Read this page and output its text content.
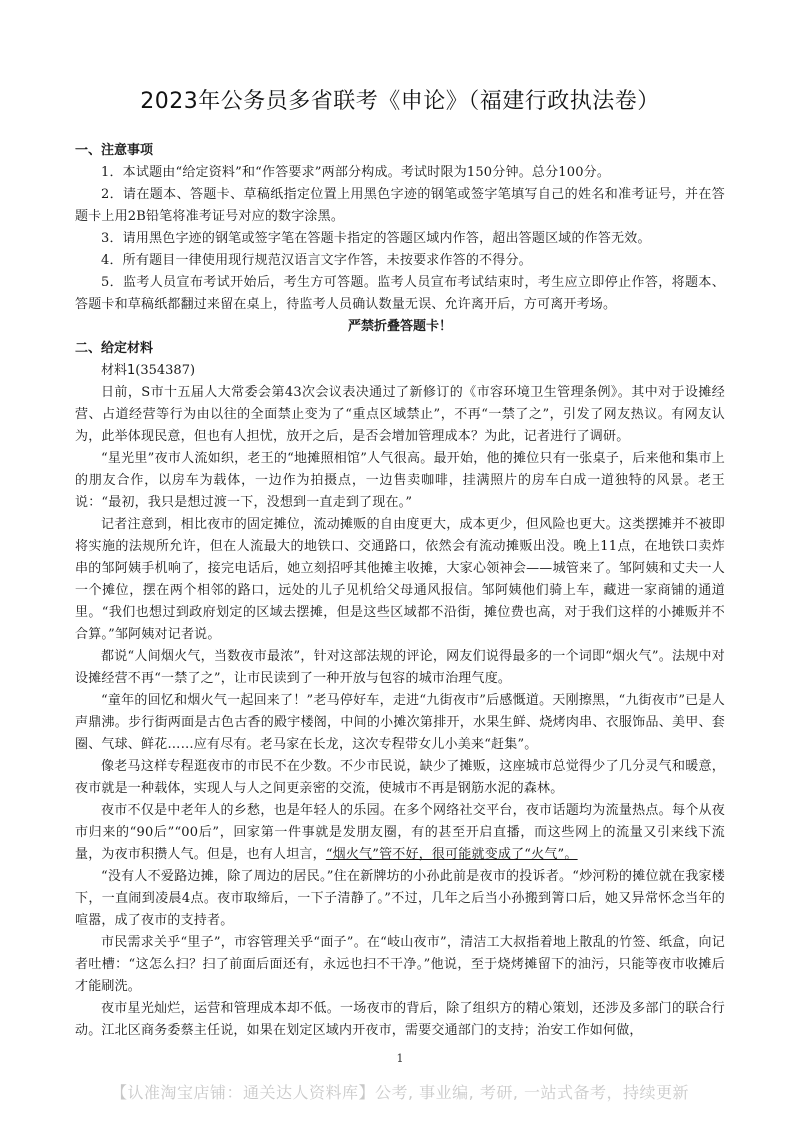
2023年公务员多省联考《申论》（福建行政执法卷）

一、注意事项

1．本试题由“给定资料”和“作答要求”两部分构成。考试时限为150分钟。总分100分。

2．请在题本、答题卡、草稿纸指定位置上用黑色字迹的钢笔或签字笔填写自己的姓名和准考证号，并在答题卡上用2B铅笔将准考证号对应的数字涂黑。

3．请用黑色字迹的钢笔或签字笔在答题卡指定的答题区域内作答，超出答题区域的作答无效。

4．所有题目一律使用现行规范汉语言文字作答，未按要求作答的不得分。

5．监考人员宣布考试开始后，考生方可答题。监考人员宣布考试结束时，考生应立即停止作答，将题本、答题卡和草稿纸都翻过来留在桌上，待监考人员确认数量无误、允许离开后，方可离开考场。

严禁折叠答题卡！

二、给定材料

材料1(354387)

日前，S市十五届人大常委会第43次会议表决通过了新修订的《市容环境卫生管理条例》。其中对于设摊经营、占道经营等行为由以往的全面禁止变为了“重点区域禁止”，不再“一禁了之”，引发了网友热议。有网友认为，此举体现民意，但也有人担忧，放开之后，是否会增加管理成本？为此，记者进行了调研。

“星光里”夜市人流如织，老王的“地摊照相馆”人气很高。最开始，他的摊位只有一张桌子，后来他和集市上的朋友合作，以房车为载体，一边作为拍摄点，一边售卖咖啡，挂满照片的房车白成一道独特的风景。老王说：“最初，我只是想过渡一下，没想到一直走到了现在。”

记者注意到，相比夜市的固定摊位，流动摊贩的自由度更大，成本更少，但风险也更大。这类摆摊并不被即将实施的法规所允许，但在人流最大的地铁口、交通路口，依然会有流动摊贩出没。晚上11点，在地铁口卖炸串的邹阿姨手机响了，接完电话后，她立刻招呼其他摊主收摊，大家心领神会——城管来了。邹阿姨和丈夫一人一个摊位，摆在两个相邻的路口，远处的儿子见机给父母通风报信。邹阿姨他们骑上车，藏进一家商铺的通道里。“我们也想过到政府划定的区域去摆摊，但是这些区域都不沿街，摊位费也高，对于我们这样的小摊贩并不合算。”邹阿姨对记者说。

都说“人间烟火气，当数夜市最浓”，针对这部法规的评论，网友们说得最多的一个词即“烟火气”。法规中对设摊经营不再“一禁了之”，让市民读到了一种开放与包容的城市治理气度。

“童年的回忆和烟火气一起回来了！”老马停好车，走进“九街夜市”后感慨道。天刚擦黑，“九街夜市”已是人声鼎沸。步行街两面是古色古香的殿宇楼阁，中间的小摊次第排开，水果生鲜、烧烤肉串、衣服饰品、美甲、套圈、气球、鲜花……应有尽有。老马家在长龙，这次专程带女儿小美来“赶集”。

像老马这样专程逛夜市的市民不在少数。不少市民说，缺少了摊贩，这座城市总觉得少了几分灵气和暖意，夜市就是一种载体，实现人与人之间更亲密的交流，使城市不再是钢筋水泥的森林。

夜市不仅是中老年人的乡愁，也是年轻人的乐园。在多个网络社交平台，夜市话题均为流量热点。每个从夜市归来的“90后”“00后”，回家第一件事就是发朋友圈，有的甚至开启直播，而这些网上的流量又引来线下流量，为夜市积攒人气。但是，也有人坦言，“烟火气”管不好，很可能就变成了“火气”。

“没有人不爱路边摊，除了周边的居民。”住在新牌坊的小孙此前是夜市的投诉者。“炒河粉的摊位就在我家楼下，一直闹到凌晨4点。夜市取缔后，一下子清静了。”不过，几年之后当小孙搬到箐口后，她又异常怀念当年的喧嚣，成了夜市的支持者。

市民需求关乎“里子”，市容管理关乎“面子”。在“岐山夜市”，清洁工大叔指着地上散乱的竹签、纸盒，向记者吐槽：“这怎么扫？扫了前面后面还有，永远也扫不干净。”他说，至于烧烤摊留下的油污，只能等夜市收摊后才能刷洗。

夜市星光灿烂，运营和管理成本却不低。一场夜市的背后，除了组织方的精心策划，还涉及多部门的联合行动。江北区商务委蔡主任说，如果在划定区域内开夜市，需要交通部门的支持；治安工作如何做，

1
【认准淘宝店铺：通关达人资料库】公考, 事业编, 考研, 一站式备考，持续更新
